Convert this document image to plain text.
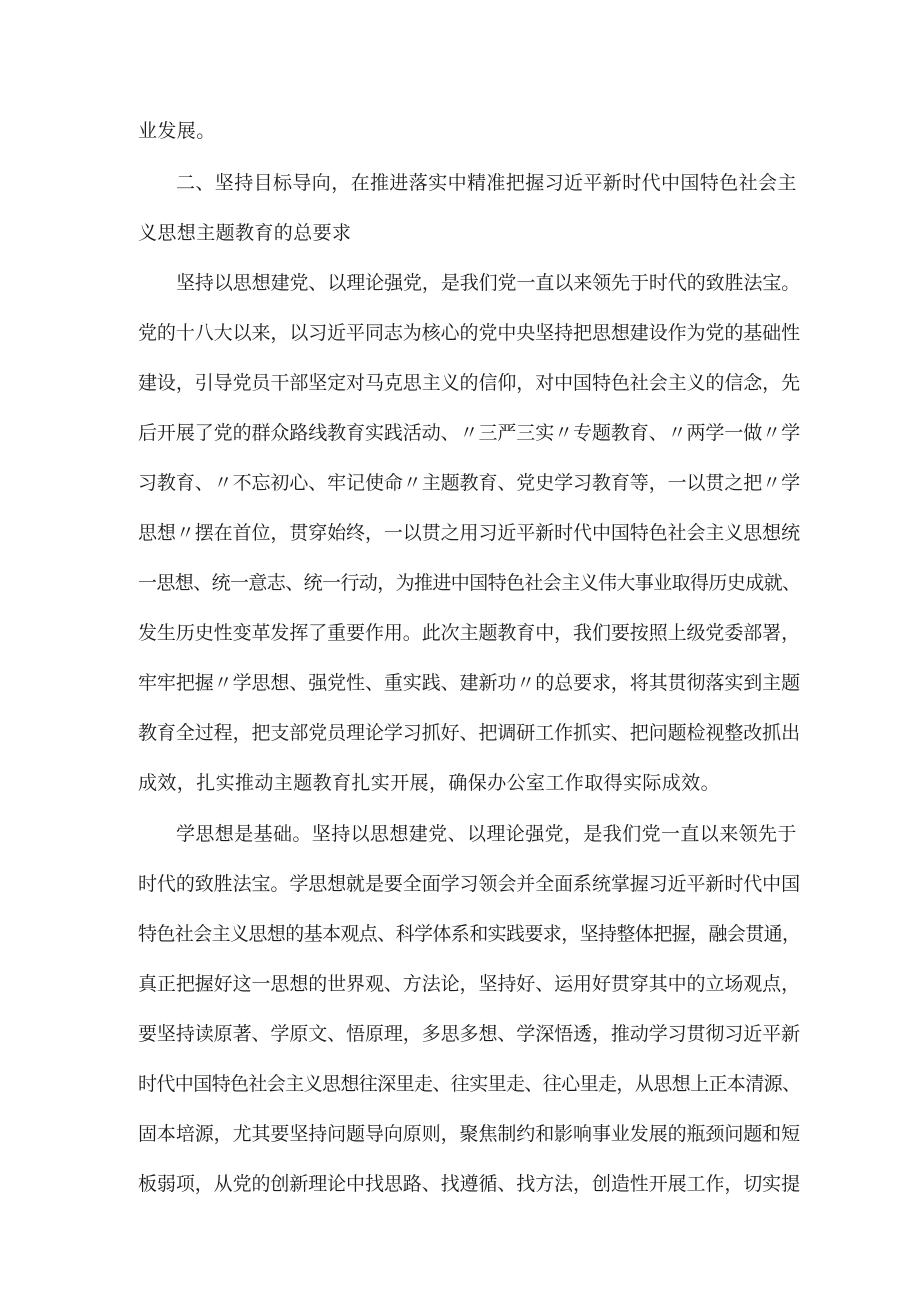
业发展。
二、坚持目标导向，在推进落实中精准把握习近平新时代中国特色社会主
义思想主题教育的总要求
坚持以思想建党、以理论强党，是我们党一直以来领先于时代的致胜法宝。
党的十八大以来，以习近平同志为核心的党中央坚持把思想建设作为党的基础性
建设，引导党员干部坚定对马克思主义的信仰，对中国特色社会主义的信念，先
后开展了党的群众路线教育实践活动、〃三严三实〃专题教育、〃两学一做〃学
习教育、〃不忘初心、牢记使命〃主题教育、党史学习教育等，一以贯之把〃学
思想〃摆在首位，贯穿始终，一以贯之用习近平新时代中国特色社会主义思想统
一思想、统一意志、统一行动，为推进中国特色社会主义伟大事业取得历史成就、
发生历史性变革发挥了重要作用。此次主题教育中，我们要按照上级党委部署，
牢牢把握〃学思想、强党性、重实践、建新功〃的总要求，将其贯彻落实到主题
教育全过程，把支部党员理论学习抓好、把调研工作抓实、把问题检视整改抓出
成效，扎实推动主题教育扎实开展，确保办公室工作取得实际成效。
学思想是基础。坚持以思想建党、以理论强党，是我们党一直以来领先于
时代的致胜法宝。学思想就是要全面学习领会并全面系统掌握习近平新时代中国
特色社会主义思想的基本观点、科学体系和实践要求，坚持整体把握，融会贯通，
真正把握好这一思想的世界观、方法论，坚持好、运用好贯穿其中的立场观点，
要坚持读原著、学原文、悟原理，多思多想、学深悟透，推动学习贯彻习近平新
时代中国特色社会主义思想往深里走、往实里走、往心里走，从思想上正本清源、
固本培源，尤其要坚持问题导向原则，聚焦制约和影响事业发展的瓶颈问题和短
板弱项，从党的创新理论中找思路、找遵循、找方法，创造性开展工作，切实提
